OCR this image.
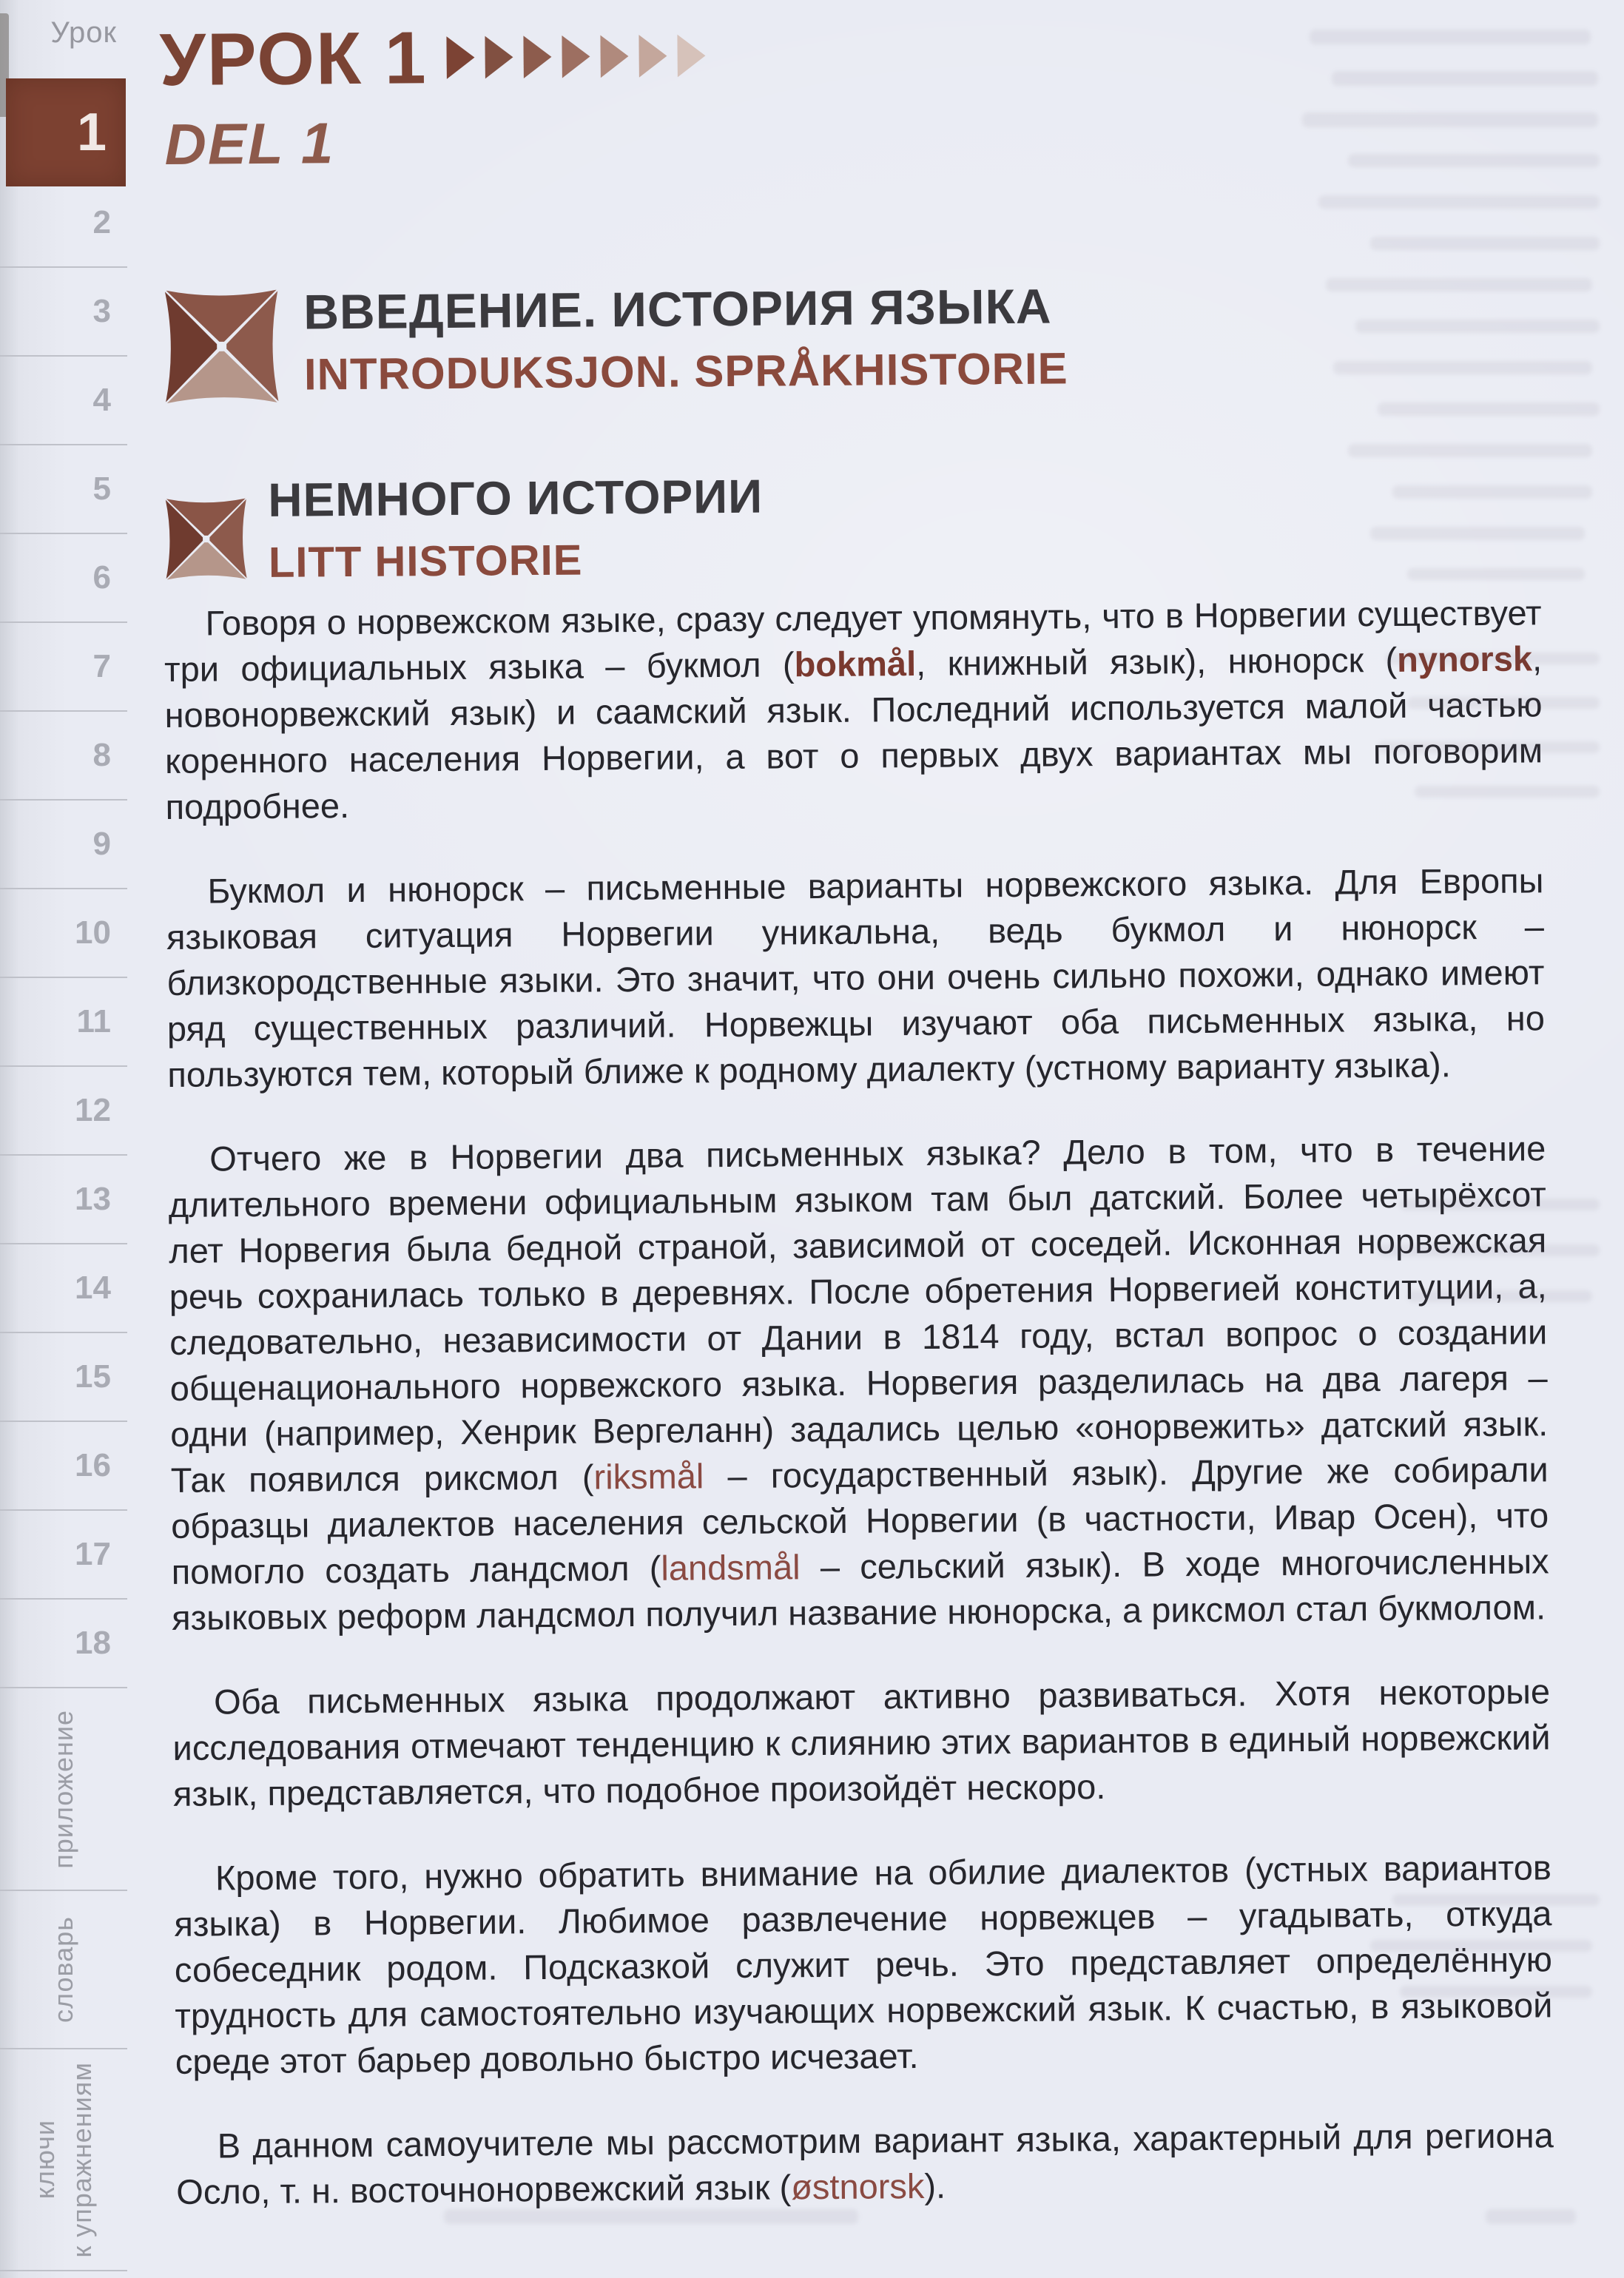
Урок
1
2
3
4
5
6
7
8
9
10
11
12
13
14
15
16
17
18
приложение
словарь
ключи к упражнениям
УРОК 1
DEL 1
ВВЕДЕНИЕ. ИСТОРИЯ ЯЗЫКА
INTRODUKSJON. SPRÅKHISTORIE
НЕМНОГО ИСТОРИИ
LITT HISTORIE

Говоря о норвежском языке, сразу следует упомянуть, что в Норвегии существует три официальных языка – букмол (bokmål, книжный язык), нюнорск (nynorsk, новонорвежский язык) и саамский язык. Последний используется малой частью коренного населения Норвегии, а вот о первых двух вариантах мы поговорим подробнее.

Букмол и нюнорск – письменные варианты норвежского языка. Для Европы языковая ситуация Норвегии уникальна, ведь букмол и нюнорск – близкородственные языки. Это значит, что они очень сильно похожи, однако имеют ряд существенных различий. Норвежцы изучают оба письменных языка, но пользуются тем, который ближе к родному диалекту (устному варианту языка).

Отчего же в Норвегии два письменных языка? Дело в том, что в течение длительного времени официальным языком там был датский. Более четырёхсот лет Норвегия была бедной страной, зависимой от соседей. Исконная норвежская речь сохранилась только в деревнях. После обретения Норвегией конституции, а, следовательно, независимости от Дании в 1814 году, встал вопрос о создании общенационального норвежского языка. Норвегия разделилась на два лагеря – одни (например, Хенрик Вергеланн) задались целью «онорвежить» датский язык. Так появился риксмол (riksmål – государственный язык). Другие же собирали образцы диалектов населения сельской Норвегии (в частности, Ивар Осен), что помогло создать ландсмол (landsmål – сельский язык). В ходе многочисленных языковых реформ ландсмол получил название нюнорска, а риксмол стал букмолом.

Оба письменных языка продолжают активно развиваться. Хотя некоторые исследования отмечают тенденцию к слиянию этих вариантов в единый норвежский язык, представляется, что подобное произойдёт нескоро.

Кроме того, нужно обратить внимание на обилие диалектов (устных вариантов языка) в Норвегии. Любимое развлечение норвежцев – угадывать, откуда собеседник родом. Подсказкой служит речь. Это представляет определённую трудность для самостоятельно изучающих норвежский язык. К счастью, в языковой среде этот барьер довольно быстро исчезает.

В данном самоучителе мы рассмотрим вариант языка, характерный для региона Осло, т. н. восточнонорвежский язык (østnorsk).
